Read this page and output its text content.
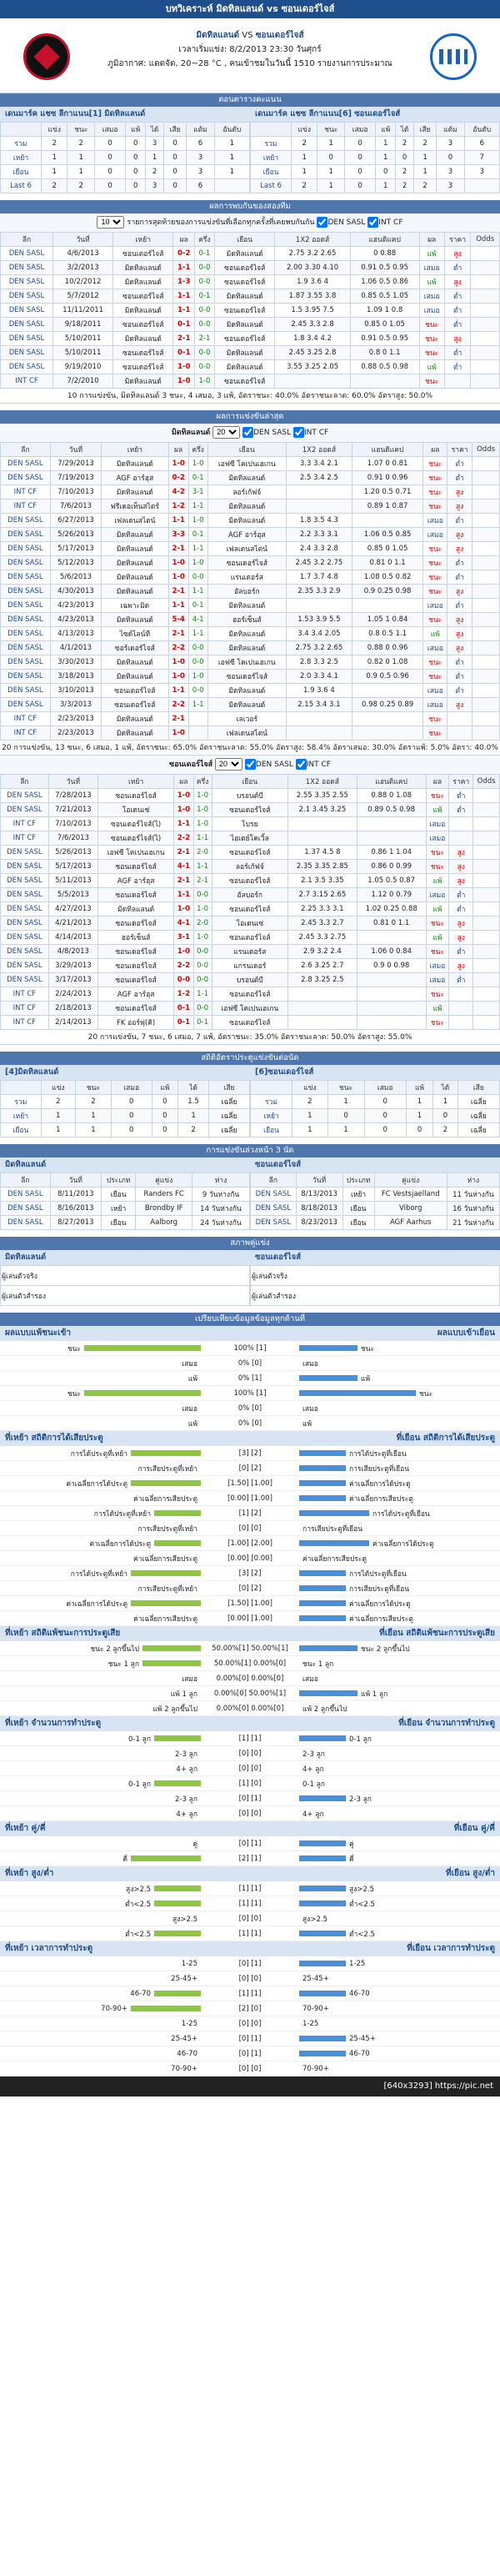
บทวิเคราะห์ มิดทิลแลนด์ vs ซอนเดอร์ไจส์
มิดทิลแลนด์ VS ซอนเดอร์ไจส์
เวลาเริ่มแข่ง: 8/2/2013 23:30 วันศุกร์
ภูมิอากาศ: แดดจัด, 20~28 °C , คนเข้าชมในวันนี้ 1510 รายงานการประมาณ
ตอนตารางคะแนน
เดนมาร์ค แชซ ลีกาแนน[1] มิดทิลแลนด์
	แข่ง	ชนะ	เสมอ	แพ้	ได้	เสีย	แต้ม	อันดับ
รวม	2	2	0	0	3	0	6	1
เหย้า	1	1	0	0	1	0	3	1
เยือน	1	1	0	0	2	0	3	1
Last 6	2	2	0	0	3	0	6	
เดนมาร์ค แชซ ลีกาแนน[6] ซอนเดอร์ไจส์
	แข่ง	ชนะ	เสมอ	แพ้	ได้	เสีย	แต้ม	อันดับ
รวม	2	1	0	1	2	2	3	6
เหย้า	1	0	0	1	0	1	0	7
เยือน	1	1	0	0	2	1	3	3
Last 6	2	1	0	1	2	2	3	
ผลการพบกันของสองทีม
10 รายการสุดท้ายของการแข่งขันที่เลือกทุกครั้งที่เคยพบกันกัน DEN SASL INT CF
ลีก	วันที่	เหย้า	ผล	ครึ่ง	เยือน	1X2 ออดส์	แฮนดิแคป	ผล	ราคา	Odds
DEN SASL	4/6/2013	ซอนเดอร์ไจส์	0-2	0-1	มิดทิลแลนด์	2.75 3.2 2.65	0 0.88	แพ้	สูง	
DEN SASL	3/2/2013	มิดทิลแลนด์	1-1	0-0	ซอนเดอร์ไจส์	2.00 3.30 4.10	0.91 0.5 0.95	เสมอ	ต่ำ	
DEN SASL	10/2/2012	มิดทิลแลนด์	1-3	0-0	ซอนเดอร์ไจส์	1.9 3.6 4	1.06 0.5 0.86	แพ้	สูง	
DEN SASL	5/7/2012	ซอนเดอร์ไจส์	1-1	0-1	มิดทิลแลนด์	1.87 3.55 3.8	0.85 0.5 1.05	เสมอ	ต่ำ	
DEN SASL	11/11/2011	มิดทิลแลนด์	1-1	0-0	ซอนเดอร์ไจส์	1.5 3.95 7.5	1.09 1 0.8	เสมอ	ต่ำ	
DEN SASL	9/18/2011	ซอนเดอร์ไจส์	0-1	0-0	มิดทิลแลนด์	2.45 3.3 2.8	0.85 0 1.05	ชนะ	ต่ำ	
DEN SASL	5/10/2011	มิดทิลแลนด์	2-1	2-1	ซอนเดอร์ไจส์	1.8 3.4 4.2	0.91 0.5 0.95	ชนะ	สูง	
DEN SASL	5/10/2011	ซอนเดอร์ไจส์	0-1	0-0	มิดทิลแลนด์	2.45 3.25 2.8	0.8 0 1.1	ชนะ	ต่ำ	
DEN SASL	9/19/2010	ซอนเดอร์ไจส์	1-0	0-0	มิดทิลแลนด์	3.55 3.25 2.05	0.88 0.5 0.98	แพ้	ต่ำ	
INT CF	7/2/2010	มิดทิลแลนด์	1-0	1-0	ซอนเดอร์ไจส์			ชนะ		
10 การแข่งขัน, มิดทิลแลนด์ 3 ชนะ, 4 เสมอ, 3 แพ้, อัตราชนะ: 40.0% อัตราชนะลาด: 60.0% อัตราสูง: 50.0%
ผลการแข่งขันล่าสุด
มิดทิลแลนด์
20	DEN SASL INT CF
ลีก	วันที่	เหย้า	ผล	ครึ่ง	เยือน	1X2 ออดส์	แฮนดิแคป	ผล	ราคา	Odds
DEN SASL	7/29/2013	มิดทิลแลนด์	1-0	1-0	เอฟซี โคเปนเฮเกน	3.3 3.4 2.1	1.07 0 0.81	ชนะ	ต่ำ	
DEN SASL	7/19/2013	AGF อาร์ฮุส	0-2	0-1	มิดทิลแลนด์	2.5 3.4 2.5	0.91 0 0.96	ชนะ	ต่ำ	
INT CF	7/10/2013	มิดทิลแลนด์	4-2	3-1	ลอร์เก้ฟจ์		1.20 0.5 0.71	ชนะ	สูง	
INT CF	7/6/2013	ฟรีเคอเท็นสไตร์	1-2	1-1	มิดทิลแลนด์		0.89 1 0.87	ชนะ	สูง	
DEN SASL	6/27/2013	เฟลเดนสไตน์	1-1	1-0	มิดทิลแลนด์	1.8 3.5 4.3		เสมอ	ต่ำ	
DEN SASL	5/26/2013	มิดทิลแลนด์	3-3	0-1	AGF อาร์ฮุส	2.2 3.3 3.1	1.06 0.5 0.85	เสมอ	สูง	
DEN SASL	5/17/2013	มิดทิลแลนด์	2-1	1-1	เฟลเดนสไตน์	2.4 3.3 2.8	0.85 0 1.05	ชนะ	สูง	
DEN SASL	5/12/2013	มิดทิลแลนด์	1-0	1-0	ซอนเดอร์ไจส์	2.45 3.2 2.75	0.81 0 1.1	ชนะ	ต่ำ	
DEN SASL	5/6/2013	มิดทิลแลนด์	1-0	0-0	แรนเดอร์ส	1.7 3.7 4.8	1.08 0.5 0.82	ชนะ	ต่ำ	
DEN SASL	4/30/2013	มิดทิลแลนด์	2-1	1-1	อัลบอร์ก	2.35 3.3 2.9	0.9 0.25 0.98	ชนะ	สูง	
DEN SASL	4/23/2013	เฉพาะมิด	1-1	0-1	มิดทิลแลนด์			เสมอ	ต่ำ	
DEN SASL	4/23/2013	มิดทิลแลนด์	5-4	4-1	ฮอร์เซ็นส์	1.53 3.9 5.5	1.05 1 0.84	ชนะ	สูง	
DEN SASL	4/13/2013	ไซด์ไลน์ที	2-1	1-1	มิดทิลแลนด์	3.4 3.4 2.05	0.8 0.5 1.1	แพ้	สูง	
DEN SASL	4/1/2013	ซอร์เดอร์ไจส์	2-2	0-0	มิดทิลแลนด์	2.75 3.2 2.65	0.88 0 0.96	เสมอ	สูง	
DEN SASL	3/30/2013	มิดทิลแลนด์	1-0	0-0	เอฟซี โคเปนเฮเกน	2.8 3.3 2.5	0.82 0 1.08	ชนะ	ต่ำ	
DEN SASL	3/18/2013	มิดทิลแลนด์	1-0	1-0	ซอนเดอร์ไจส์	2.0 3.3 4.1	0.9 0.5 0.96	ชนะ	ต่ำ	
DEN SASL	3/10/2013	ซอนเดอร์ไจส์	1-1	0-0	มิดทิลแลนด์	1.9 3.6 4		เสมอ	ต่ำ	
DEN SASL	3/3/2013	ซอนเดอร์ไจส์	2-2	1-1	มิดทิลแลนด์	2.15 3.4 3.1	0.98 0.25 0.89	เสมอ	สูง	
INT CF	2/23/2013	มิดทิลแลนด์	2-1		เลเวอร์			ชนะ		
INT CF	2/23/2013	มิดทิลแลนด์	1-0		เฟลเดนสไตน์			ชนะ		
20 การแข่งขัน, 13 ชนะ, 6 เสมอ, 1 แพ้, อัตราชนะ: 65.0% อัตราชนะลาด: 55.0% อัตราสูง: 58.4% อัตราเสมอ: 30.0% อัตราแพ้: 5.0% อัตรา: 40.0%
ซอนเดอร์ไจส์
20	DEN SASL INT CF
ลีก	วันที่	เหย้า	ผล	ครึ่ง	เยือน	1X2 ออดส์	แฮนดิแคป	ผล	ราคา	Odds
DEN SASL	7/28/2013	ซอนเดอร์ไจส์	1-0	1-0	บรอนด์บี	2.55 3.35 2.55	0.88 0 1.08	ชนะ	ต่ำ	
DEN SASL	7/21/2013	โอเดนเซ่	1-0	1-0	ซอนเดอร์ไจส์	2.1 3.45 3.25	0.89 0.5 0.98	แพ้	ต่ำ	
INT CF	7/10/2013	ซอนเดอร์ไจส์(ไ)	1-1	1-0	โบรย			เสมอ		
INT CF	7/6/2013	ซอนเดอร์ไจส์(ไ)	2-2	1-1	ไฮเดย์โคเวิ้ล			เสมอ		
DEN SASL	5/26/2013	เอฟซี โคเปนเฮเกน	2-1	2-0	ซอนเดอร์ไจส์	1.37 4.5 8	0.86 1 1.04	ชนะ	สูง	
DEN SASL	5/17/2013	ซอนเดอร์ไจส์	4-1	1-1	ลอร์เก้ฟจ์	2.35 3.35 2.85	0.86 0 0.99	ชนะ	สูง	
DEN SASL	5/11/2013	AGF อาร์ฮุส	2-1	2-1	ซอนเดอร์ไจส์	2.1 3.5 3.35	1.05 0.5 0.87	แพ้	สูง	
DEN SASL	5/5/2013	ซอนเดอร์ไจส์	1-1	0-0	อัลบอร์ก	2.7 3.15 2.65	1.12 0 0.79	เสมอ	ต่ำ	
DEN SASL	4/27/2013	มิดทิลแลนด์	1-0	1-0	ซอนเดอร์ไจส์	2.25 3.3 3.1	1.02 0.25 0.88	แพ้	ต่ำ	
DEN SASL	4/21/2013	ซอนเดอร์ไจส์	4-1	2-0	โอเดนเซ่	2.45 3.3 2.7	0.81 0 1.1	ชนะ	สูง	
DEN SASL	4/14/2013	ฮอร์เซ็นส์	3-1	1-0	ซอนเดอร์ไจส์	2.45 3.3 2.75		แพ้	สูง	
DEN SASL	4/8/2013	ซอนเดอร์ไจส์	1-0	0-0	แรนเดอร์ส	2.9 3.2 2.4	1.06 0 0.84	ชนะ	ต่ำ	
DEN SASL	3/29/2013	ซอนเดอร์ไจส์	2-2	0-0	แกรนเดอร์	2.6 3.25 2.7	0.9 0 0.98	เสมอ	สูง	
DEN SASL	3/17/2013	ซอนเดอร์ไจส์	0-0	0-0	บรอนด์บี	2.8 3.25 2.5		เสมอ	ต่ำ	
INT CF	2/24/2013	AGF อาร์ฮุส	1-2	1-1	ซอนเดอร์ไจส์			ชนะ		
INT CF	2/18/2013	ซอนเดอร์ไจส์	0-1	0-0	เอฟซี โคเปนเฮเกน			แพ้		
INT CF	2/14/2013	FK ออร์ฟุ(คิ)	0-1	0-1	ซอนเดอร์ไจส์			ชนะ		
20 การแข่งขัน, 7 ชนะ, 6 เสมอ, 7 แพ้, อัตราชนะ: 35.0% อัตราชนะลาด: 50.0% อัตราสูง: 55.0%
สถิติอัตราประตูแข่งขันต่อนัด
[4]มิดทิลแลนด์
	แข่ง	ชนะ	เสมอ	แพ้	ได้	เสีย
รวม	2	2	0	0	1.5	เฉลี่ย
เหย้า	1	1	0	0	1	เฉลี่ย
เยือน	1	1	0	0	2	เฉลี่ย
[6]ซอนเดอร์ไจส์
	แข่ง	ชนะ	เสมอ	แพ้	ได้	เสีย
รวม	2	1	0	1	1	เฉลี่ย
เหย้า	1	0	0	1	0	เฉลี่ย
เยือน	1	1	0	0	2	เฉลี่ย
การแข่งขันล่วงหน้า 3 นัด
มิดทิลแลนด์
ลีก	วันที่	ประเภท	คู่แข่ง	ห่าง
DEN SASL	8/11/2013	เยือน	Randers FC	9 วันห่างกัน
DEN SASL	8/16/2013	เหย้า	Brondby IF	14 วันห่างกัน
DEN SASL	8/27/2013	เยือน	Aalborg	24 วันห่างกัน
ซอนเดอร์ไจส์
ลีก	วันที่	ประเภท	คู่แข่ง	ห่าง
DEN SASL	8/13/2013	เหย้า	FC Vestsjaelland	11 วันห่างกัน
DEN SASL	8/18/2013	เยือน	Viborg	16 วันห่างกัน
DEN SASL	8/23/2013	เยือน	AGF Aarhus	21 วันห่างกัน
สภาพคู่แข่ง
มิดทิลแลนด์
ผู้เล่นตัวจริง
ผู้เล่นตัวสำรอง
ซอนเดอร์ไจส์
ผู้เล่นตัวจริง
ผู้เล่นตัวสำรอง
เปรียบเทียบข้อมูลข้อมูลทุกด้านที่
ผลแบบแพ้ชนะเข้า	ผลแบบเข้าเยือน
ชนะ	100% [1]	ชนะ
เสมอ	0% [0]	เสมอ
แพ้	0% [1]	แพ้
ชนะ	100% [1]	ชนะ
เสมอ	0% [0]	เสมอ
แพ้	0% [0]	แพ้
ที่เหย้า สถิติการได้เสียประตู	ที่เยือน สถิติการได้เสียประตู
การได้ประตูที่เหย้า	[3] [2]	การได้ประตูที่เยือน
การเสียประตูที่เหย้า	[0] [2]	การเสียประตูที่เยือน
ค่าเฉลี่ยการได้ประตู	[1.50] [1.00]	ค่าเฉลี่ยการได้ประตู
ค่าเฉลี่ยการเสียประตู	[0.00] [1.00]	ค่าเฉลี่ยการเสียประตู
การได้ประตูที่เหย้า	[1] [2]	การได้ประตูที่เยือน
การเสียประตูที่เหย้า	[0] [0]	การเสียประตูที่เยือน
ค่าเฉลี่ยการได้ประตู	[1.00] [2.00]	ค่าเฉลี่ยการได้ประตู
ค่าเฉลี่ยการเสียประตู	[0.00] [0.00]	ค่าเฉลี่ยการเสียประตู
การได้ประตูที่เหย้า	[3] [2]	การได้ประตูที่เยือน
การเสียประตูที่เหย้า	[0] [2]	การเสียประตูที่เยือน
ค่าเฉลี่ยการได้ประตู	[1.50] [1.00]	ค่าเฉลี่ยการได้ประตู
ค่าเฉลี่ยการเสียประตู	[0.00] [1.00]	ค่าเฉลี่ยการเสียประตู
ที่เหย้า สถิติแพ้ชนะการประตูเสีย	ที่เยือน สถิติแพ้ชนะการประตูเสีย
ชนะ 2 ลูกขึ้นไป	50.00%[1] 50.00%[1]	ชนะ 2 ลูกขึ้นไป
ชนะ 1 ลูก	50.00%[1] 0.00%[0]	ชนะ 1 ลูก
เสมอ	0.00%[0] 0.00%[0]	เสมอ
แพ้ 1 ลูก	0.00%[0] 50.00%[1]	แพ้ 1 ลูก
แพ้ 2 ลูกขึ้นไป	0.00%[0] 0.00%[0]	แพ้ 2 ลูกขึ้นไป
ที่เหย้า จำนวนการทำประตู	ที่เยือน จำนวนการทำประตู
0-1 ลูก	[1] [1]	0-1 ลูก
2-3 ลูก	[0] [0]	2-3 ลูก
4+ ลูก	[0] [0]	4+ ลูก
0-1 ลูก	[1] [0]	0-1 ลูก
2-3 ลูก	[0] [1]	2-3 ลูก
4+ ลูก	[0] [0]	4+ ลูก
ที่เหย้า คู่/คี่	ที่เยือน คู่/คี่
คู่	[0] [1]	คู่
คี่	[2] [1]	คี่
ที่เหย้า สูง/ต่ำ	ที่เยือน สูง/ต่ำ
สูง>2.5	[1] [1]	สูง>2.5
ต่ำ<2.5	[1] [1]	ต่ำ<2.5
สูง>2.5	[0] [0]	สูง>2.5
ต่ำ<2.5	[1] [1]	ต่ำ<2.5
ที่เหย้า เวลาการทำประตู	ที่เยือน เวลาการทำประตู
1-25	[0] [1]	1-25
25-45+	[0] [0]	25-45+
46-70	[1] [1]	46-70
70-90+	[2] [0]	70-90+
1-25	[0] [0]	1-25
25-45+	[0] [1]	25-45+
46-70	[0] [1]	46-70
70-90+	[0] [0]	70-90+
[640x3293] https://pic.net
